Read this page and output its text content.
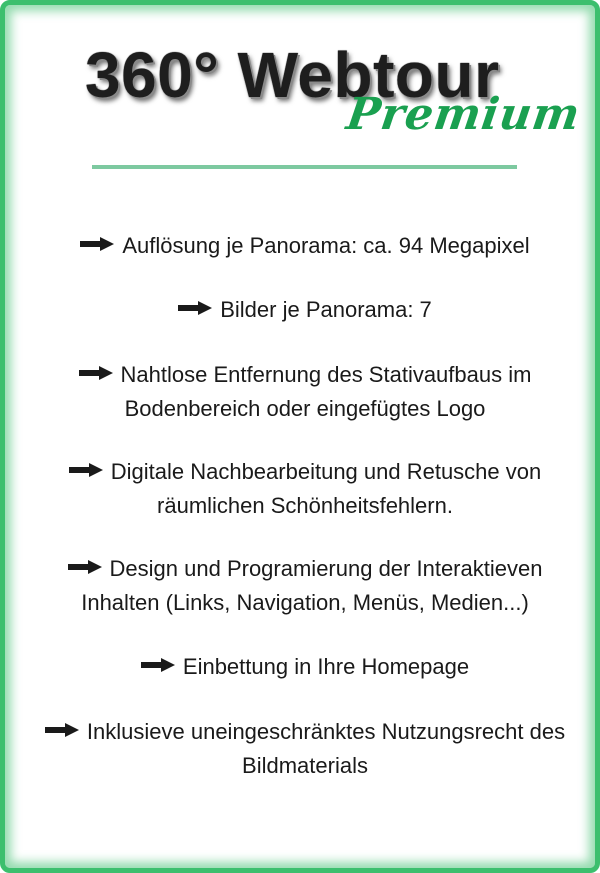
360° Webtour
Premium
Auflösung je Panorama: ca. 94 Megapixel
Bilder je Panorama: 7
Nahtlose Entfernung des Stativaufbaus im
Bodenbereich oder eingefügtes Logo
Digitale Nachbearbeitung und Retusche von
räumlichen Schönheitsfehlern.
Design und Programierung der Interaktieven
Inhalten (Links, Navigation, Menüs, Medien...)
Einbettung in Ihre Homepage
Inklusieve uneingeschränktes Nutzungsrecht des
Bildmaterials
